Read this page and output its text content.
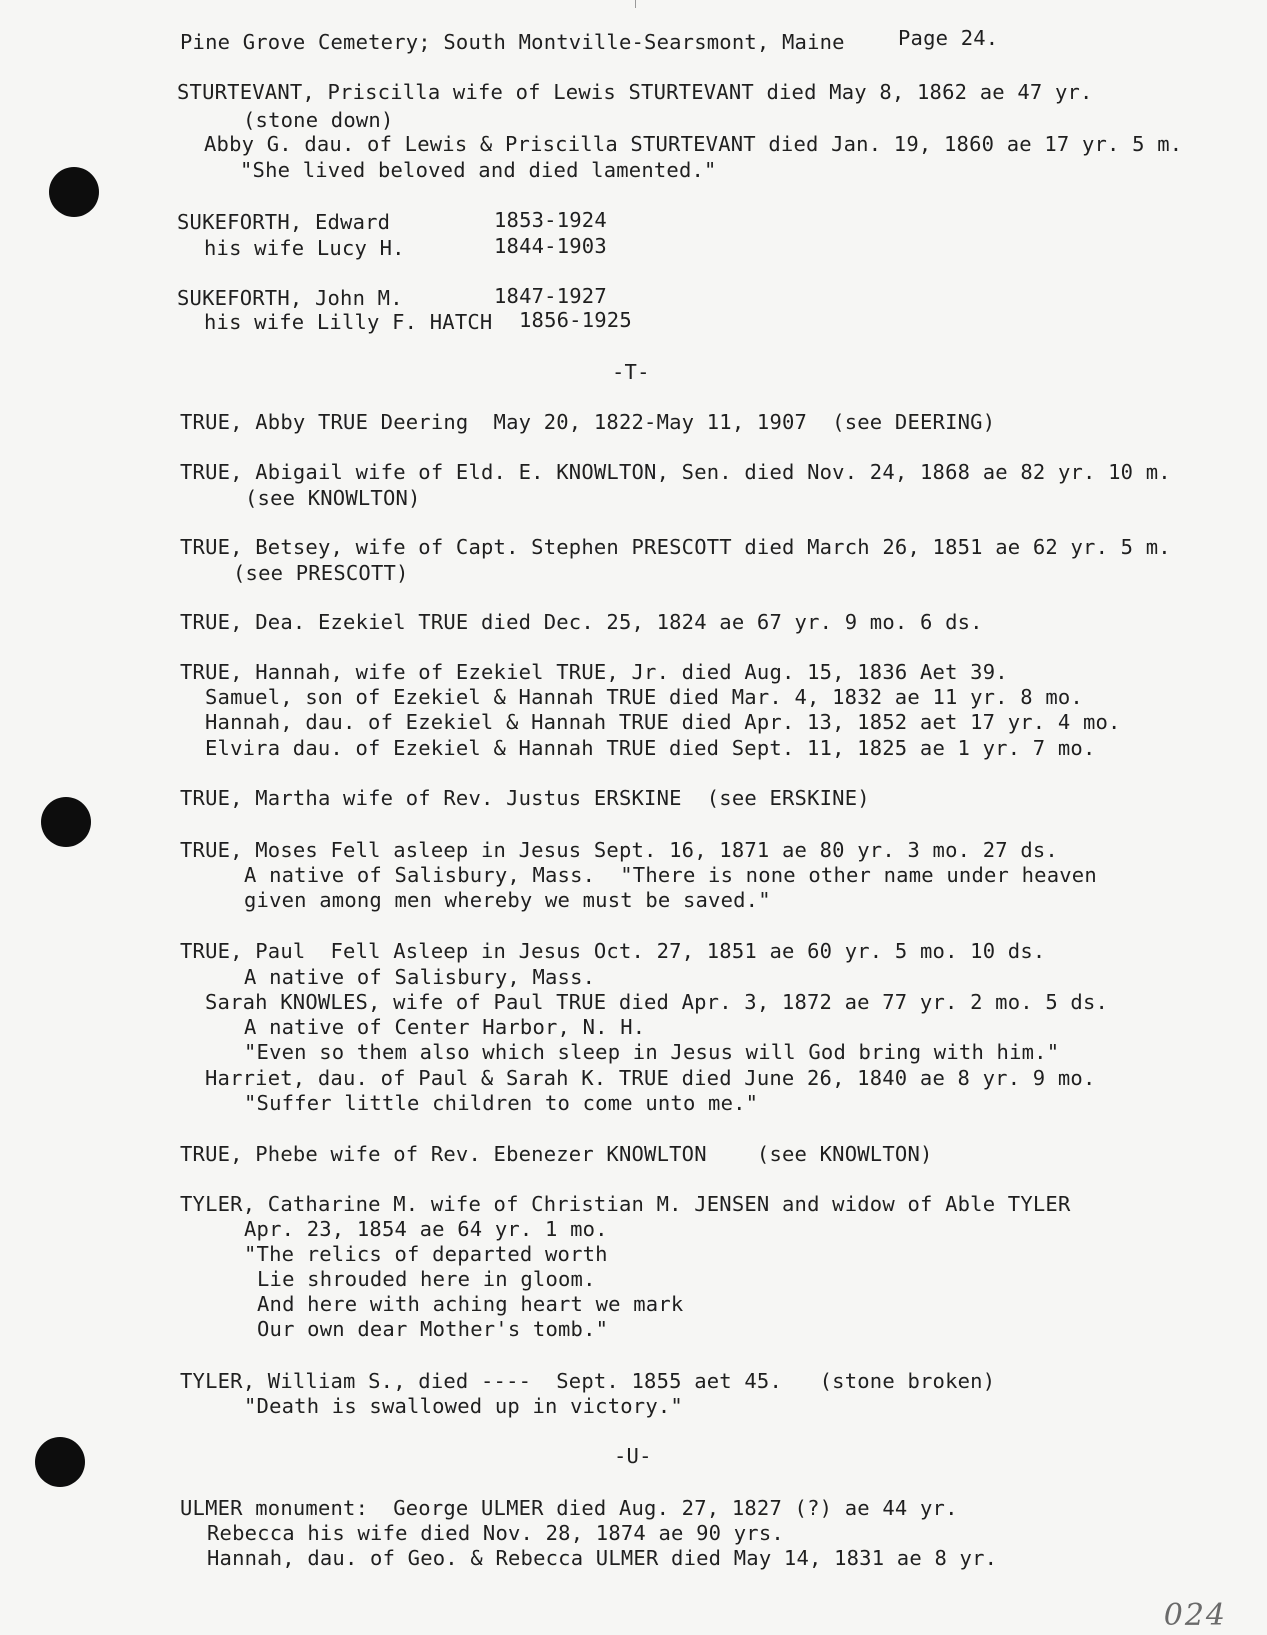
Pine Grove Cemetery; South Montville-Searsmont, Maine	Page 24.
STURTEVANT, Priscilla wife of Lewis STURTEVANT died May 8, 1862 ae 47 yr.
(stone down)
Abby G. dau. of Lewis & Priscilla STURTEVANT died Jan. 19, 1860 ae 17 yr. 5 m.
"She lived beloved and died lamented."
SUKEFORTH, Edward	1853-1924
his wife Lucy H.	1844-1903
SUKEFORTH, John M.	1847-1927
his wife Lilly F. HATCH 1856-1925
-T-
TRUE, Abby TRUE Deering  May 20, 1822-May 11, 1907  (see DEERING)
TRUE, Abigail wife of Eld. E. KNOWLTON, Sen. died Nov. 24, 1868 ae 82 yr. 10 m.
(see KNOWLTON)
TRUE, Betsey, wife of Capt. Stephen PRESCOTT died March 26, 1851 ae 62 yr. 5 m.
(see PRESCOTT)
TRUE, Dea. Ezekiel TRUE died Dec. 25, 1824 ae 67 yr. 9 mo. 6 ds.
TRUE, Hannah, wife of Ezekiel TRUE, Jr. died Aug. 15, 1836 Aet 39.
Samuel, son of Ezekiel & Hannah TRUE died Mar. 4, 1832 ae 11 yr. 8 mo.
Hannah, dau. of Ezekiel & Hannah TRUE died Apr. 13, 1852 aet 17 yr. 4 mo.
Elvira dau. of Ezekiel & Hannah TRUE died Sept. 11, 1825 ae 1 yr. 7 mo.
TRUE, Martha wife of Rev. Justus ERSKINE  (see ERSKINE)
TRUE, Moses Fell asleep in Jesus Sept. 16, 1871 ae 80 yr. 3 mo. 27 ds.
A native of Salisbury, Mass.  "There is none other name under heaven
given among men whereby we must be saved."
TRUE, Paul  Fell Asleep in Jesus Oct. 27, 1851 ae 60 yr. 5 mo. 10 ds.
A native of Salisbury, Mass.
Sarah KNOWLES, wife of Paul TRUE died Apr. 3, 1872 ae 77 yr. 2 mo. 5 ds.
A native of Center Harbor, N. H.
"Even so them also which sleep in Jesus will God bring with him."
Harriet, dau. of Paul & Sarah K. TRUE died June 26, 1840 ae 8 yr. 9 mo.
"Suffer little children to come unto me."
TRUE, Phebe wife of Rev. Ebenezer KNOWLTON    (see KNOWLTON)
TYLER, Catharine M. wife of Christian M. JENSEN and widow of Able TYLER
Apr. 23, 1854 ae 64 yr. 1 mo.
"The relics of departed worth
Lie shrouded here in gloom.
And here with aching heart we mark
Our own dear Mother's tomb."
TYLER, William S., died ----  Sept. 1855 aet 45.   (stone broken)
"Death is swallowed up in victory."
-U-
ULMER monument:  George ULMER died Aug. 27, 1827 (?) ae 44 yr.
Rebecca his wife died Nov. 28, 1874 ae 90 yrs.
Hannah, dau. of Geo. & Rebecca ULMER died May 14, 1831 ae 8 yr.
024
